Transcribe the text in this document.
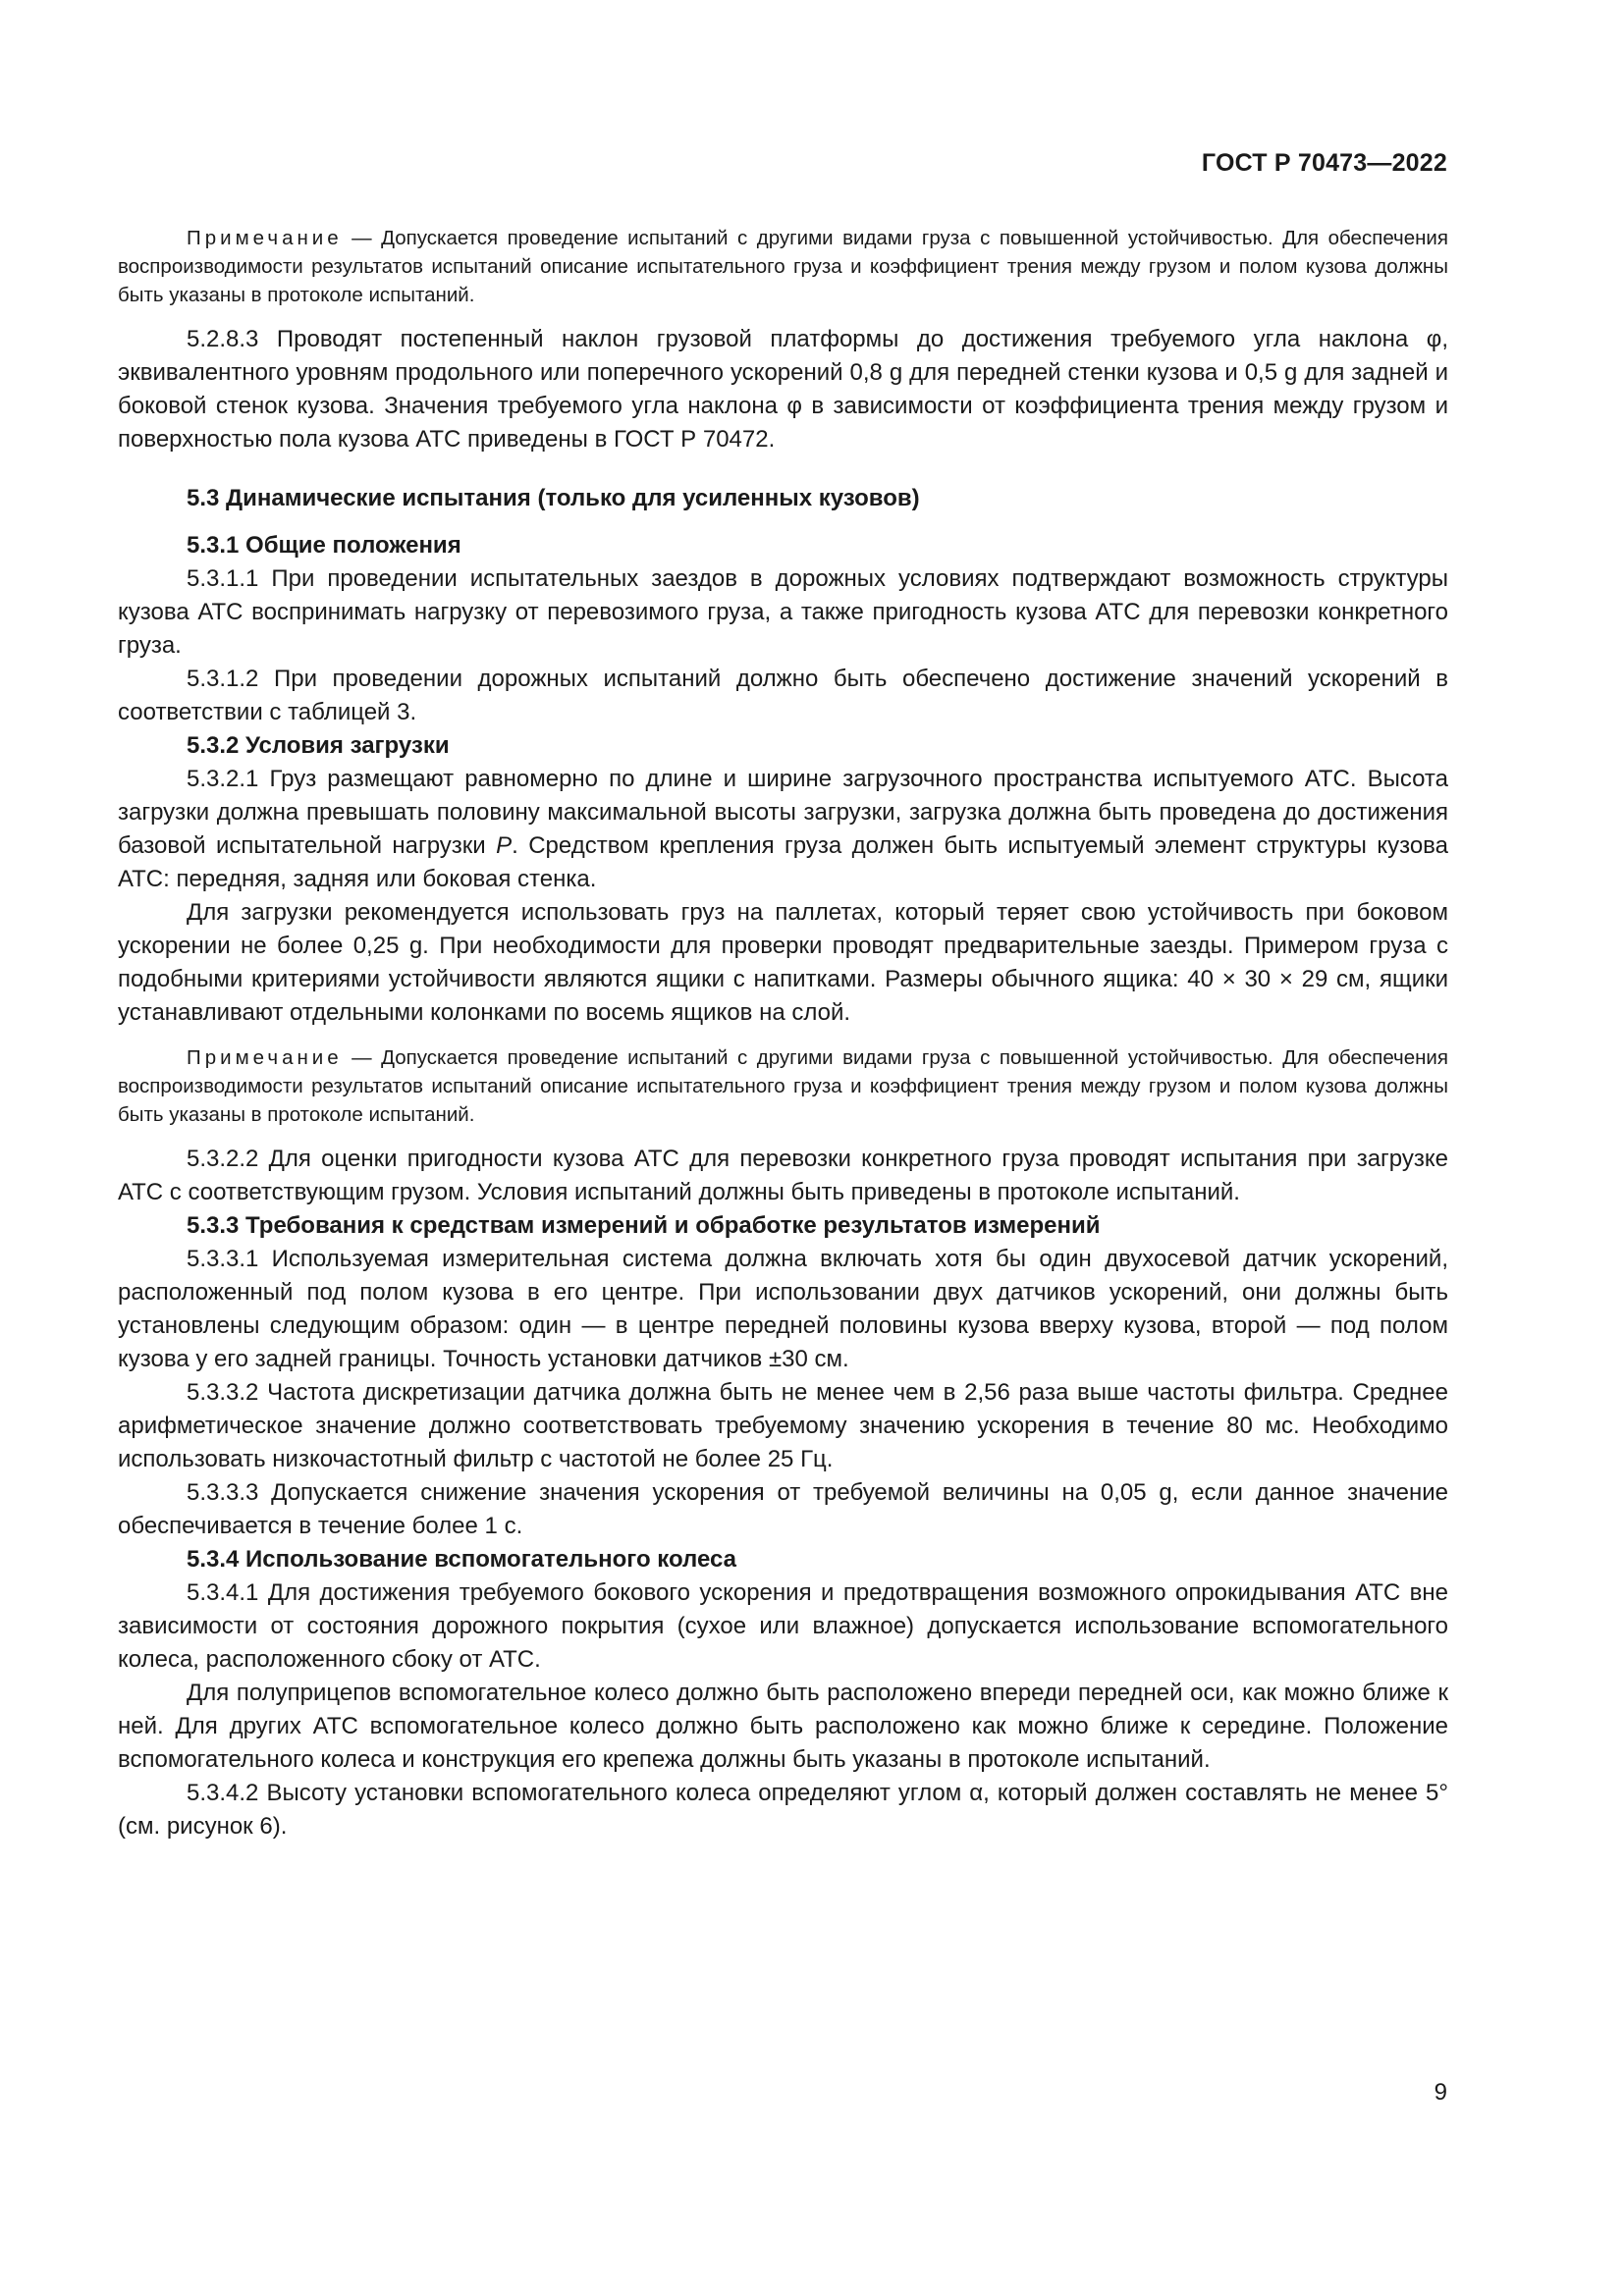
ГОСТ Р 70473—2022
Примечание — Допускается проведение испытаний с другими видами груза с повышенной устойчивостью. Для обеспечения воспроизводимости результатов испытаний описание испытательного груза и коэффициент трения между грузом и полом кузова должны быть указаны в протоколе испытаний.

5.2.8.3 Проводят постепенный наклон грузовой платформы до достижения требуемого угла наклона φ, эквивалентного уровням продольного или поперечного ускорений 0,8 g для передней стенки кузова и 0,5 g для задней и боковой стенок кузова. Значения требуемого угла наклона φ в зависимости от коэффициента трения между грузом и поверхностью пола кузова АТС приведены в ГОСТ Р 70472.

5.3 Динамические испытания (только для усиленных кузовов)
5.3.1 Общие положения

5.3.1.1 При проведении испытательных заездов в дорожных условиях подтверждают возможность структуры кузова АТС воспринимать нагрузку от перевозимого груза, а также пригодность кузова АТС для перевозки конкретного груза.

5.3.1.2 При проведении дорожных испытаний должно быть обеспечено достижение значений ускорений в соответствии с таблицей 3.

5.3.2 Условия загрузки

5.3.2.1 Груз размещают равномерно по длине и ширине загрузочного пространства испытуемого АТС. Высота загрузки должна превышать половину максимальной высоты загрузки, загрузка должна быть проведена до достижения базовой испытательной нагрузки P. Средством крепления груза должен быть испытуемый элемент структуры кузова АТС: передняя, задняя или боковая стенка.

Для загрузки рекомендуется использовать груз на паллетах, который теряет свою устойчивость при боковом ускорении не более 0,25 g. При необходимости для проверки проводят предварительные заезды. Примером груза с подобными критериями устойчивости являются ящики с напитками. Размеры обычного ящика: 40 × 30 × 29 см, ящики устанавливают отдельными колонками по восемь ящиков на слой.

Примечание — Допускается проведение испытаний с другими видами груза с повышенной устойчивостью. Для обеспечения воспроизводимости результатов испытаний описание испытательного груза и коэффициент трения между грузом и полом кузова должны быть указаны в протоколе испытаний.

5.3.2.2 Для оценки пригодности кузова АТС для перевозки конкретного груза проводят испытания при загрузке АТС с соответствующим грузом. Условия испытаний должны быть приведены в протоколе испытаний.

5.3.3 Требования к средствам измерений и обработке результатов измерений

5.3.3.1 Используемая измерительная система должна включать хотя бы один двухосевой датчик ускорений, расположенный под полом кузова в его центре. При использовании двух датчиков ускорений, они должны быть установлены следующим образом: один — в центре передней половины кузова вверху кузова, второй — под полом кузова у его задней границы. Точность установки датчиков ±30 см.

5.3.3.2 Частота дискретизации датчика должна быть не менее чем в 2,56 раза выше частоты фильтра. Среднее арифметическое значение должно соответствовать требуемому значению ускорения в течение 80 мс. Необходимо использовать низкочастотный фильтр с частотой не более 25 Гц.

5.3.3.3 Допускается снижение значения ускорения от требуемой величины на 0,05 g, если данное значение обеспечивается в течение более 1 с.

5.3.4 Использование вспомогательного колеса

5.3.4.1 Для достижения требуемого бокового ускорения и предотвращения возможного опрокидывания АТС вне зависимости от состояния дорожного покрытия (сухое или влажное) допускается использование вспомогательного колеса, расположенного сбоку от АТС.

Для полуприцепов вспомогательное колесо должно быть расположено впереди передней оси, как можно ближе к ней. Для других АТС вспомогательное колесо должно быть расположено как можно ближе к середине. Положение вспомогательного колеса и конструкция его крепежа должны быть указаны в протоколе испытаний.

5.3.4.2 Высоту установки вспомогательного колеса определяют углом α, который должен составлять не менее 5° (см. рисунок 6).

9
